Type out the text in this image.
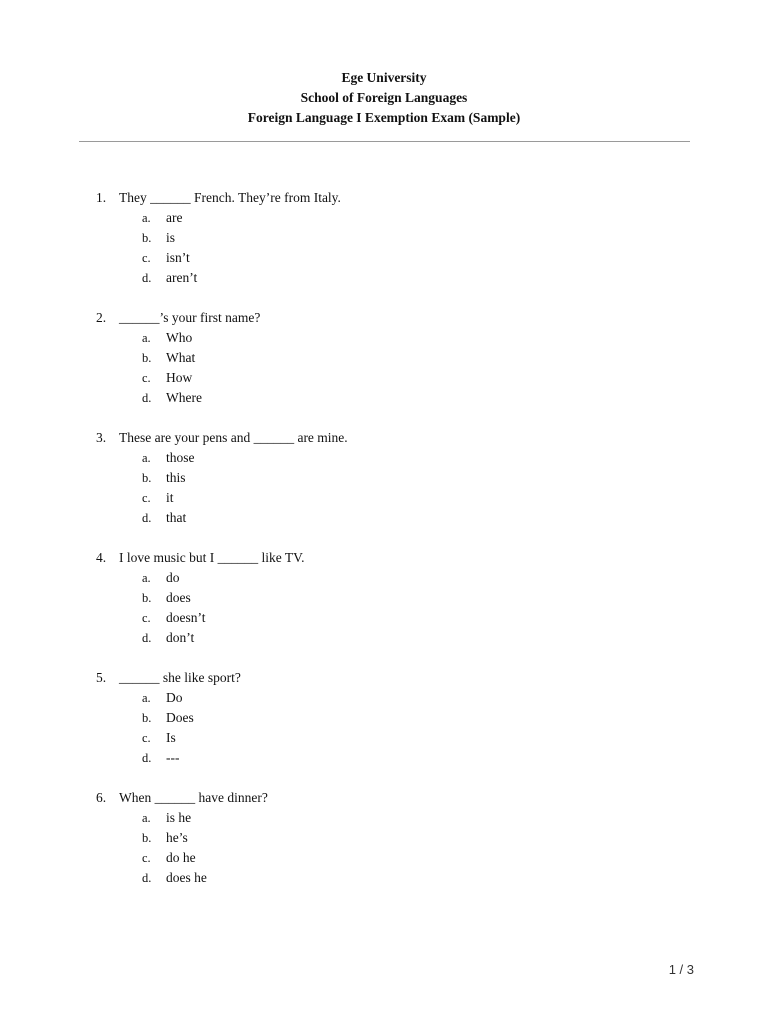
Ege University
School of Foreign Languages
Foreign Language I Exemption Exam (Sample)
1. They ______ French. They’re from Italy.
a. are
b. is
c. isn’t
d. aren’t
2. ______’s your first name?
a. Who
b. What
c. How
d. Where
3. These are your pens and ______ are mine.
a. those
b. this
c. it
d. that
4. I love music but I ______ like TV.
a. do
b. does
c. doesn’t
d. don’t
5. ______ she like sport?
a. Do
b. Does
c. Is
d. ---
6. When ______ have dinner?
a. is he
b. he’s
c. do he
d. does he
1 / 3
